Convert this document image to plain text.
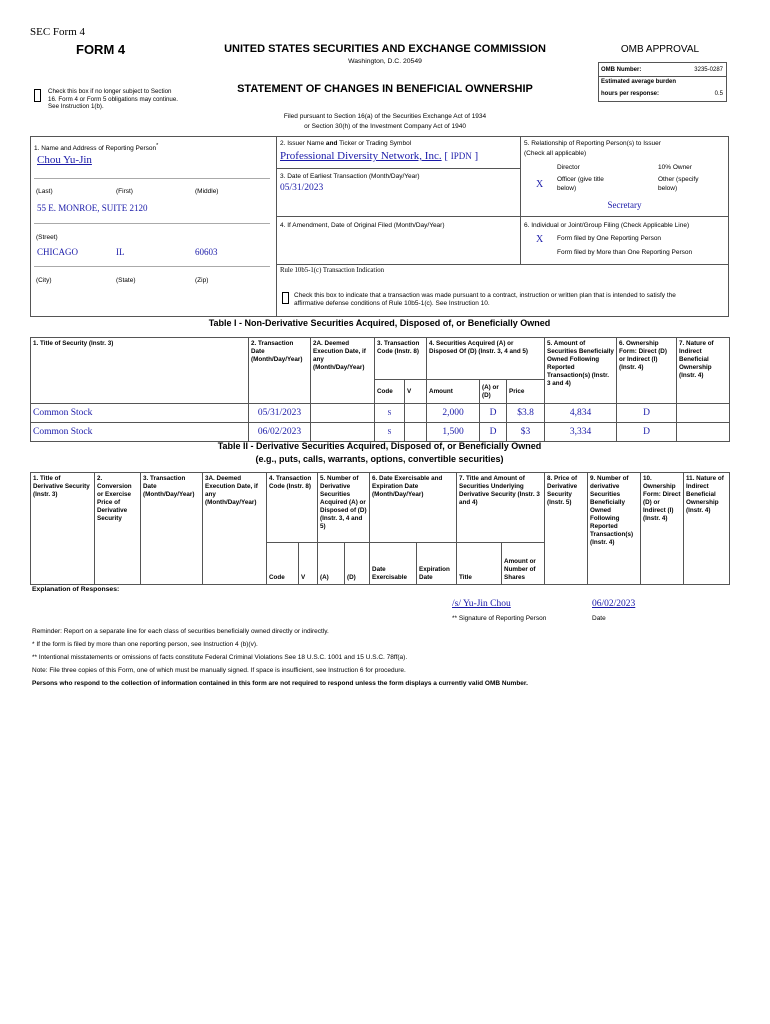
SEC Form 4
FORM 4	UNITED STATES SECURITIES AND EXCHANGE COMMISSION
Washington, D.C. 20549
STATEMENT OF CHANGES IN BENEFICIAL OWNERSHIP
Check this box if no longer subject to Section 16. Form 4 or Form 5 obligations may continue. See Instruction 1(b).
Filed pursuant to Section 16(a) of the Securities Exchange Act of 1934
or Section 30(h) of the Investment Company Act of 1940
OMB APPROVAL
OMB Number:	3235-0287
Estimated average burden
hours per response:	0.5
1. Name and Address of Reporting Person*
Chou Yu-Jin
(Last)	(First)	(Middle)
55 E. MONROE, SUITE 2120
(Street)
CHICAGO	IL	60603
(City)	(State)	(Zip)
2. Issuer Name and Ticker or Trading Symbol
Professional Diversity Network, Inc. [ IPDN ]
3. Date of Earliest Transaction (Month/Day/Year)
05/31/2023
4. If Amendment, Date of Original Filed (Month/Day/Year)
5. Relationship of Reporting Person(s) to Issuer
(Check all applicable)
Director	10% Owner
X Officer (give title
below)
Other (specify
below)
Secretary
6. Individual or Joint/Group Filing (Check Applicable Line)
X Form filed by One Reporting Person
Form filed by More than One Reporting Person
Rule 10b5-1(c) Transaction Indication
Check this box to indicate that a transaction was made pursuant to a contract, instruction or written plan that is intended to satisfy the
affirmative defense conditions of Rule 10b5-1(c). See Instruction 10.
Table I - Non-Derivative Securities Acquired, Disposed of, or Beneficially Owned
1. Title of Security (Instr. 3)	2. Transaction Date (Month/Day/Year)	2A. Deemed Execution Date, if any (Month/Day/Year)	3. Transaction Code (Instr. 8)		4. Securities Acquired (A) or Disposed Of (D) (Instr. 3, 4 and 5)			5. Amount of Securities Beneficially Owned Following Reported Transaction(s) (Instr. 3 and 4)	6. Ownership Form: Direct (D) or Indirect (I) (Instr. 4)	7. Nature of Indirect Beneficial Ownership (Instr. 4)
			Code	V	Amount	(A) or (D)	Price			
Common Stock	05/31/2023		S		2,000	D	$3.8	4,834	D	
Common Stock	06/02/2023		S		1,500	D	$3	3,334	D	
Table II - Derivative Securities Acquired, Disposed of, or Beneficially Owned
(e.g., puts, calls, warrants, options, convertible securities)
1. Title of Derivative Security (Instr. 3)	2. Conversion or Exercise Price of Derivative Security	3. Transaction Date (Month/Day/Year)	3A. Deemed Execution Date, if any (Month/Day/Year)	4. Transaction Code (Instr. 8)		5. Number of Derivative Securities Acquired (A) or Disposed of (D) (Instr. 3, 4 and 5)		6. Date Exercisable and Expiration Date (Month/Day/Year)		7. Title and Amount of Securities Underlying Derivative Security (Instr. 3 and 4)		8. Price of Derivative Security (Instr. 5)	9. Number of derivative Securities Beneficially Owned Following Reported Transaction(s) (Instr. 4)	10. Ownership Form: Direct (D) or Indirect (I) (Instr. 4)	11. Nature of Indirect Beneficial Ownership (Instr. 4)
				Code	V	(A)	(D)	Date Exercisable	Expiration Date	Title	Amount or Number of Shares				
Explanation of Responses:
/s/ Yu-Jin Chou	06/02/2023
** Signature of Reporting Person	Date
Reminder: Report on a separate line for each class of securities beneficially owned directly or indirectly.
* If the form is filed by more than one reporting person, see Instruction 4 (b)(v).
** Intentional misstatements or omissions of facts constitute Federal Criminal Violations See 18 U.S.C. 1001 and 15 U.S.C. 78ff(a).
Note: File three copies of this Form, one of which must be manually signed. If space is insufficient, see Instruction 6 for procedure.
Persons who respond to the collection of information contained in this form are not required to respond unless the form displays a currently valid OMB Number.
